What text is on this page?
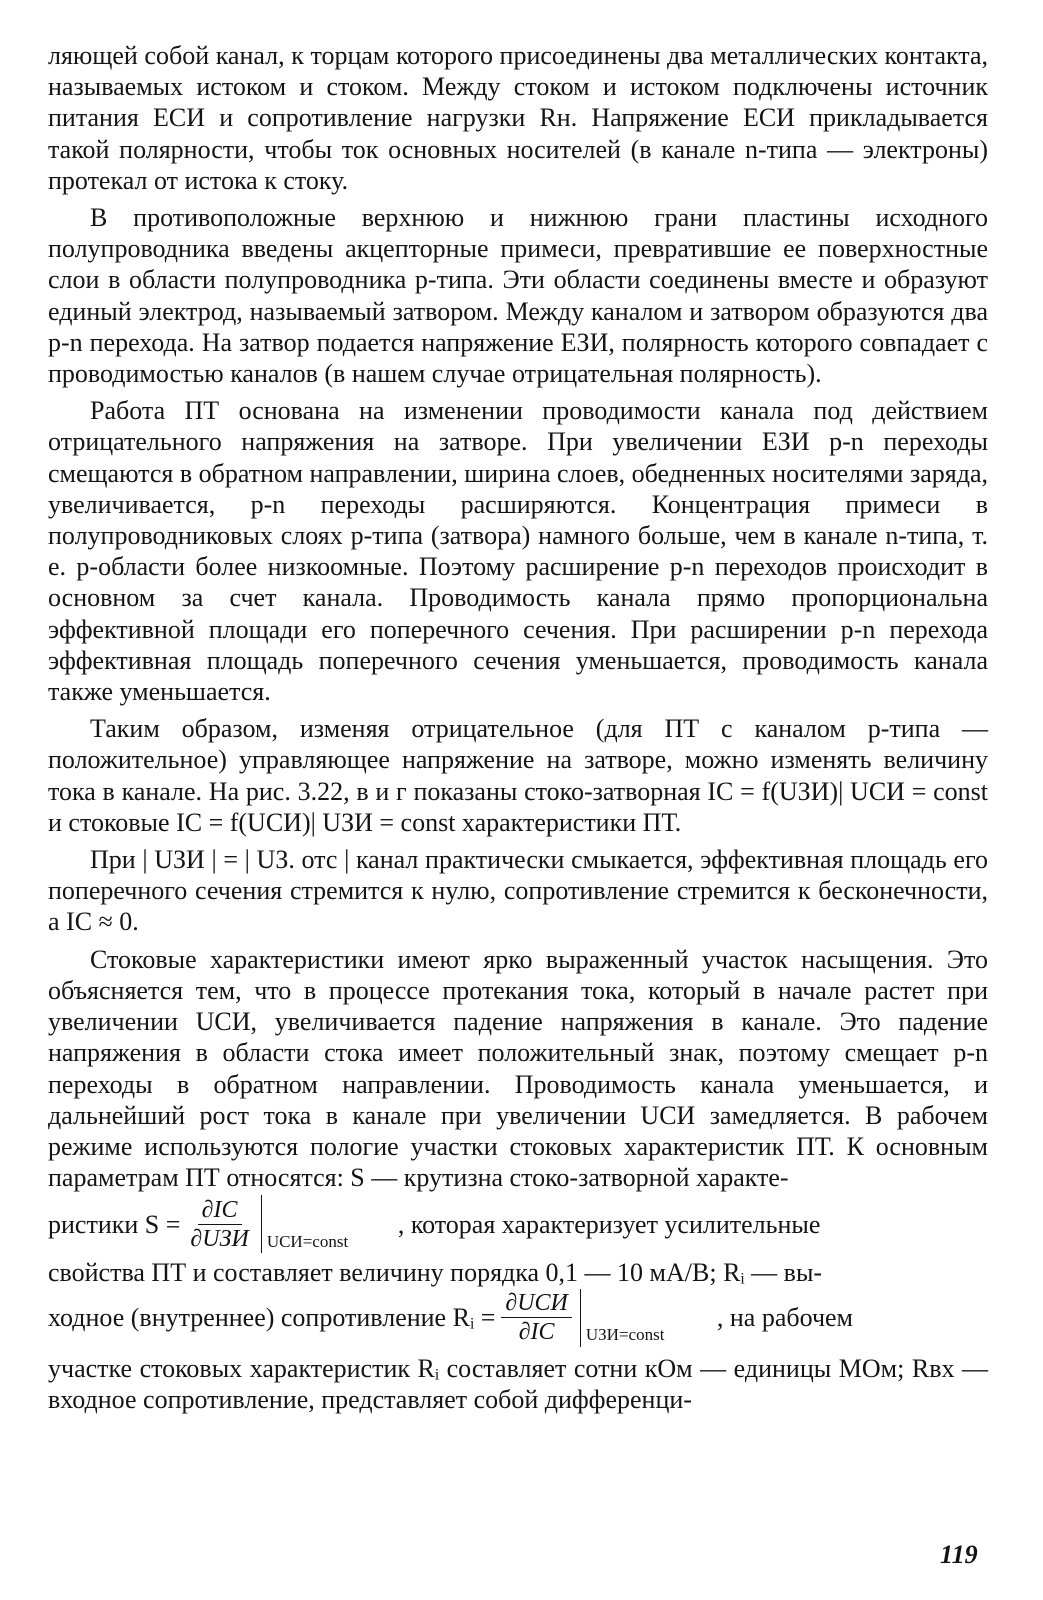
ляющей собой канал, к торцам которого присоединены два металлических контакта, называемых истоком и стоком. Между стоком и истоком подключены источник питания EСИ и сопротивление нагрузки Rн. Напряжение EСИ прикладывается такой полярности, чтобы ток основных носителей (в канале n-типа — электроны) протекал от истока к стоку.

В противоположные верхнюю и нижнюю грани пластины исходного полупроводника введены акцепторные примеси, превратившие ее поверхностные слои в области полупроводника p-типа. Эти области соединены вместе и образуют единый электрод, называемый затвором. Между каналом и затвором образуются два p-n перехода. На затвор подается напряжение EЗИ, полярность которого совпадает с проводимостью каналов (в нашем случае отрицательная полярность).

Работа ПТ основана на изменении проводимости канала под действием отрицательного напряжения на затворе. При увеличении EЗИ p-n переходы смещаются в обратном направлении, ширина слоев, обедненных носителями заряда, увеличивается, p-n переходы расширяются. Концентрация примеси в полупроводниковых слоях p-типа (затвора) намного больше, чем в канале n-типа, т. е. p-области более низкоомные. Поэтому расширение p-n переходов происходит в основном за счет канала. Проводимость канала прямо пропорциональна эффективной площади его поперечного сечения. При расширении p-n перехода эффективная площадь поперечного сечения уменьшается, проводимость канала также уменьшается.

Таким образом, изменяя отрицательное (для ПТ с каналом p-типа — положительное) управляющее напряжение на затворе, можно изменять величину тока в канале. На рис. 3.22, в и г показаны стоко-затворная IС = f(UЗИ)| UСИ = const и стоковые IС = f(UСИ)| UЗИ = const характеристики ПТ.

При | UЗИ | = | UЗ. отс | канал практически смыкается, эффективная площадь его поперечного сечения стремится к нулю, сопротивление стремится к бесконечности, а IС ≈ 0.

Стоковые характеристики имеют ярко выраженный участок насыщения. Это объясняется тем, что в процессе протекания тока, который в начале растет при увеличении UСИ, увеличивается падение напряжения в канале. Это падение напряжения в области стока имеет положительный знак, поэтому смещает p-n переходы в обратном направлении. Проводимость канала уменьшается, и дальнейший рост тока в канале при увеличении UСИ замедляется. В рабочем режиме используются пологие участки стоковых характеристик ПТ. К основным параметрам ПТ относятся: S — крутизна стоко-затворной характе-

ристики $S = \frac{\partial IС}{\text{∂UЗИ}}$ UСИ=const
, которая характеризует усилительные

свойства ПТ и составляет величину порядка 0,1 — 10 мА/В; Rᵢ — вы-

ходное (внутреннее) сопротивление Rᵢ = $\frac{\text{∂UСИ}}{\partial IС}$ UЗИ=const
, на рабочем

участке стоковых характеристик Rᵢ составляет сотни кОм — единицы МОм; Rвх — входное сопротивление, представляет собой дифференци-

119
